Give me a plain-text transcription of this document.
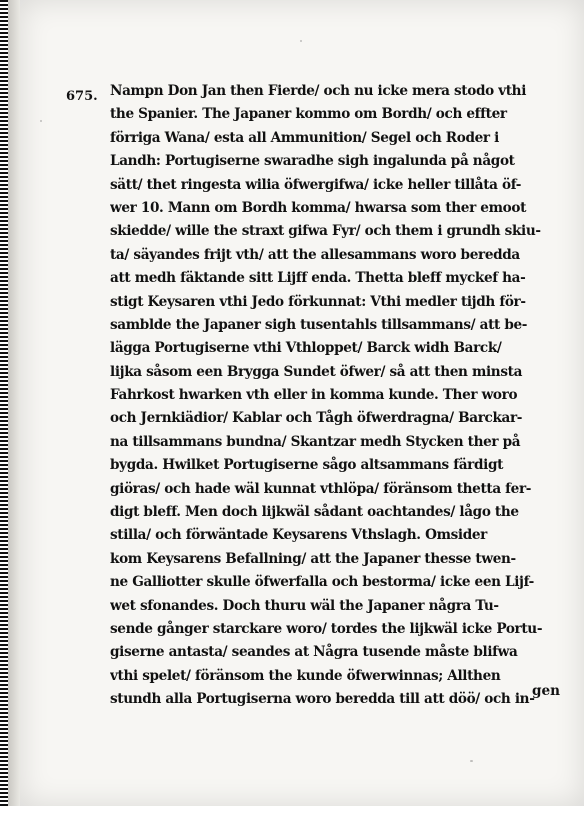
675. Nampn Don Jan then Fierde/ och nu icke mera stodo vthi
the Spanier. The Japaner kommo om Bordh/ och effter
förriga Wana/ esta all Ammunition/ Segel och Roder i
Landh: Portugiserne swaradhe sigh ingalunda på något
sätt/ thet ringesta wilia öfwergifwa/ icke heller tillåta öf-
wer 10. Mann om Bordh komma/ hwarsa som ther emoot
skiedde/ wille the straxt gifwa Fyr/ och them i grundh skiu-
ta/ säyandes frijt vth/ att the allesammans woro beredda
att medh fäktande sitt Lijff enda. Thetta bleff myckef ha-
stigt Keysaren vthi Jedo förkunnat: Vthi medler tijdh för-
samblde the Japaner sigh tusentahls tillsammans/ att be-
lägga Portugiserne vthi Vthloppet/ Barck widh Barck/
lijka såsom een Brygga Sundet öfwer/ så att then minsta
Fahrkost hwarken vth eller in komma kunde. Ther woro
och Jernkiädior/ Kablar och Tågh öfwerdragna/ Barckar-
na tillsammans bundna/ Skantzar medh Stycken ther på
bygda. Hwilket Portugiserne sågo altsammans färdigt
giöras/ och hade wäl kunnat vthlöpa/ föränsom thetta fer-
digt bleff. Men doch lijkwäl sådant oachtandes/ lågo the
stilla/ och förwäntade Keysarens Vthslagh. Omsider
kom Keysarens Befallning/ att the Japaner thesse twen-
ne Galliotter skulle öfwerfalla och bestorma/ icke een Lijf-
wet sfonandes. Doch thuru wäl the Japaner några Tu-
sende gånger starckare woro/ tordes the lijkwäl icke Portu-
giserne antasta/ seandes at Några tusende måste blifwa
vthi spelet/ föränsom the kunde öfwerwinnas; Allthen
stundh alla Portugiserna woro beredda till att döö/ och in-
gen
